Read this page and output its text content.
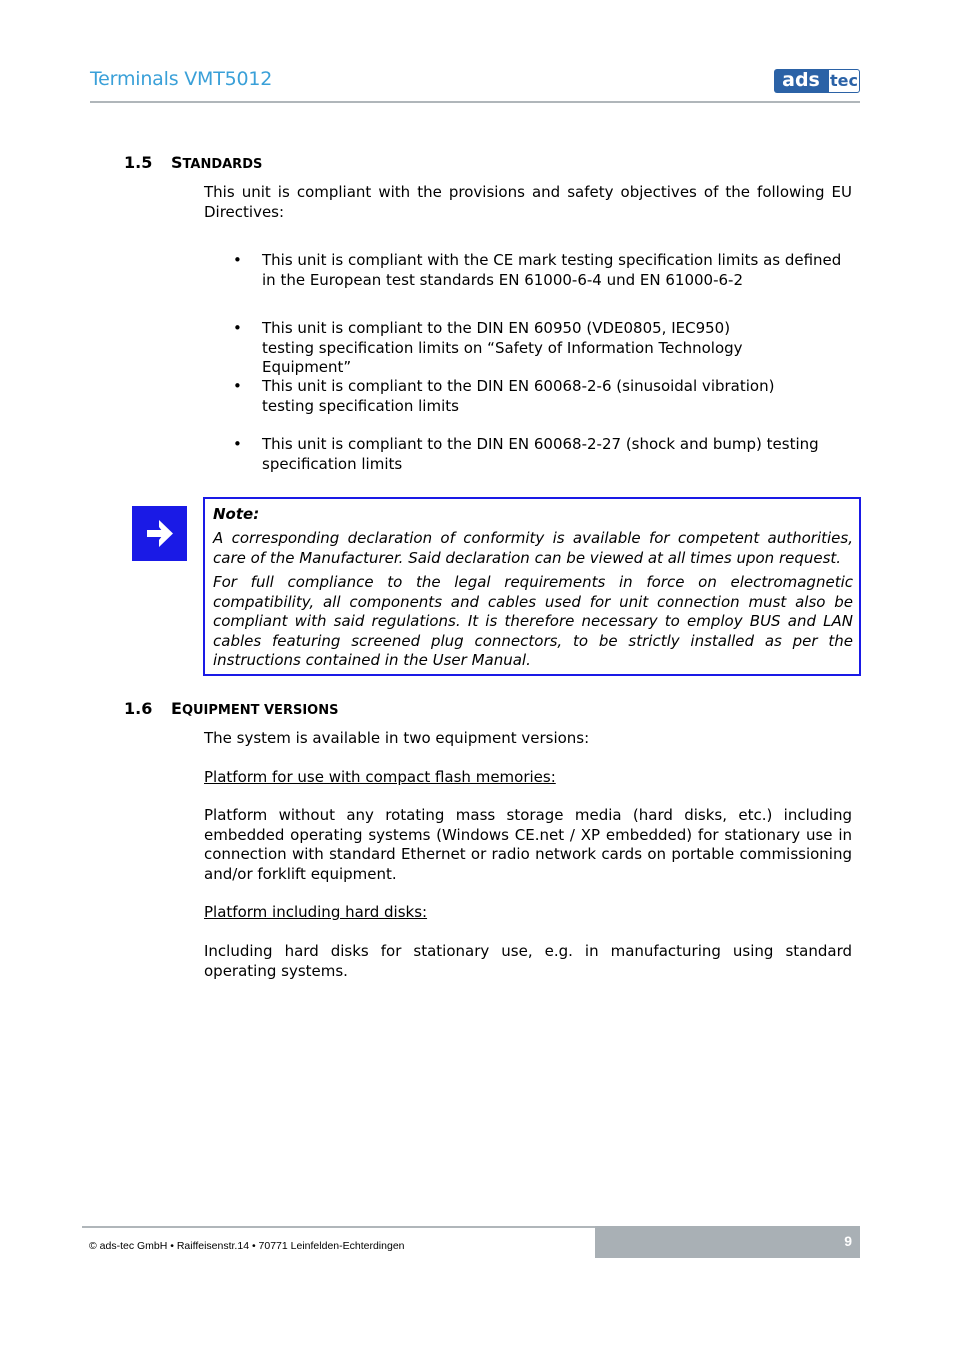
Terminals VMT5012	ads tec
1.5 STANDARDS
This unit is compliant with the provisions and safety objectives of the following EU Directives:
• This unit is compliant with the CE mark testing specification limits as defined in the European test standards EN 61000-6-4 und EN 61000-6-2
• This unit is compliant to the DIN EN 60950 (VDE0805, IEC950) testing specification limits on “Safety of Information Technology Equipment”
• This unit is compliant to the DIN EN 60068-2-6 (sinusoidal vibration) testing specification limits
• This unit is compliant to the DIN EN 60068-2-27 (shock and bump) testing specification limits
Note:
A corresponding declaration of conformity is available for competent authorities, care of the Manufacturer. Said declaration can be viewed at all times upon request.
For full compliance to the legal requirements in force on electromagnetic compatibility, all components and cables used for unit connection must also be compliant with said regulations. It is therefore necessary to employ BUS and LAN cables featuring screened plug connectors, to be strictly installed as per the instructions contained in the User Manual.
1.6 EQUIPMENT VERSIONS
The system is available in two equipment versions:
Platform for use with compact flash memories:
Platform without any rotating mass storage media (hard disks, etc.) including embedded operating systems (Windows CE.net / XP embedded) for stationary use in connection with standard Ethernet or radio network cards on portable commissioning and/or forklift equipment.
Platform including hard disks:
Including hard disks for stationary use, e.g. in manufacturing using standard operating systems.
9
© ads-tec GmbH • Raiffeisenstr.14 • 70771 Leinfelden-Echterdingen
